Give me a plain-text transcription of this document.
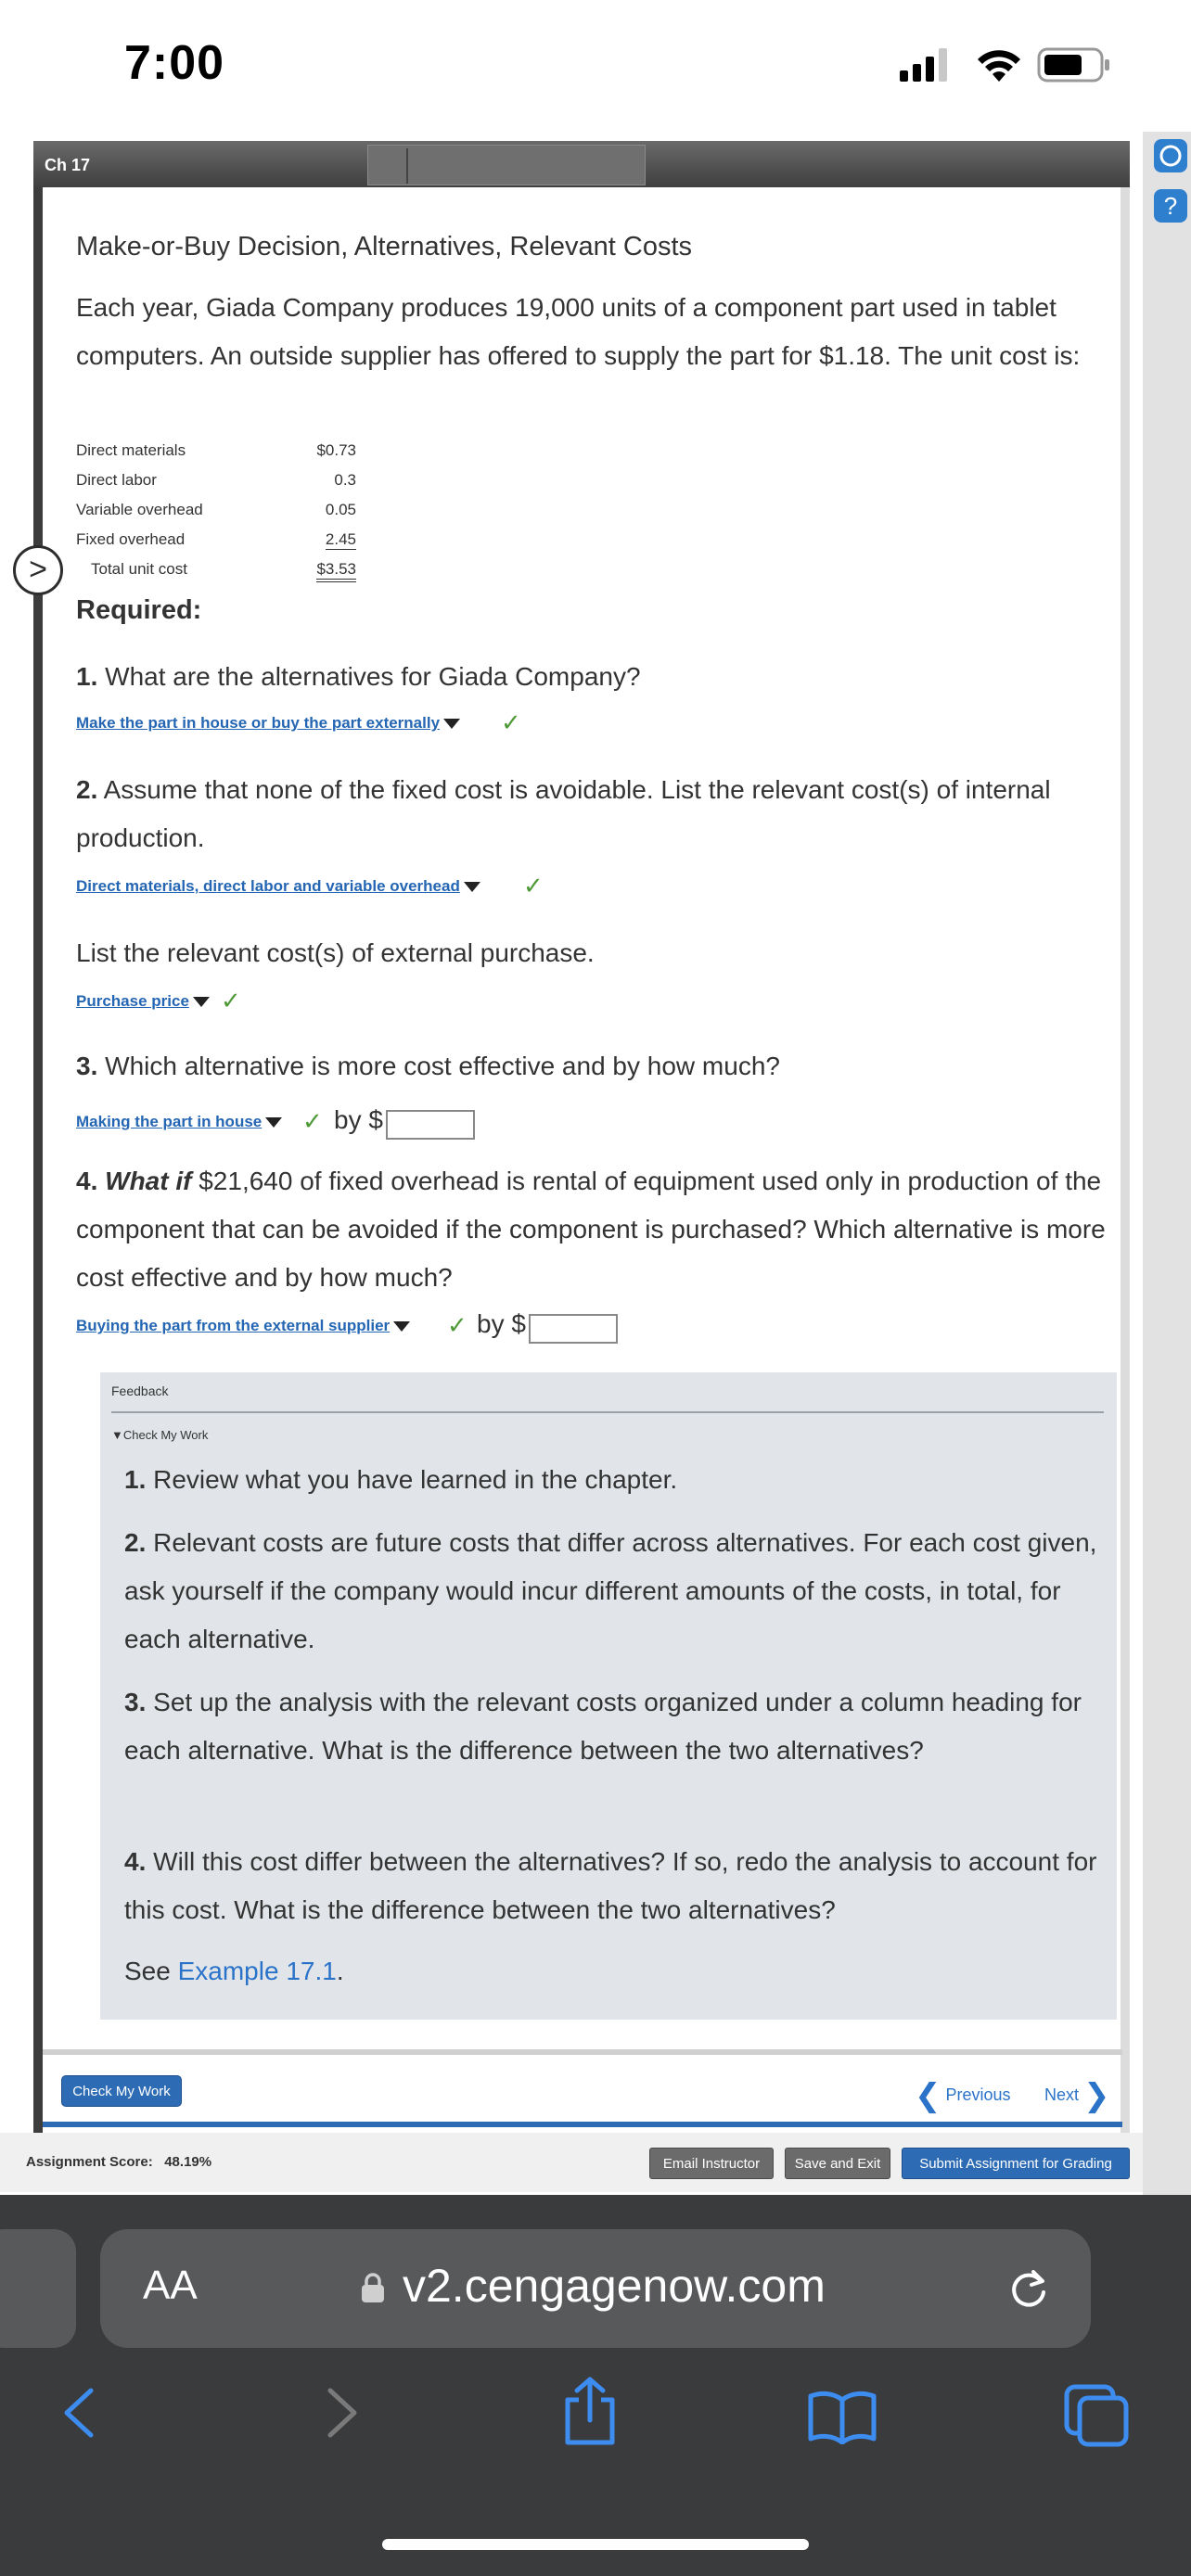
7:00
?
Ch 17
>
Make-or-Buy Decision, Alternatives, Relevant Costs
Each year, Giada Company produces 19,000 units of a component part used in tablet computers. An outside supplier has offered to supply the part for $1.18. The unit cost is:
Direct materials	$0.73
Direct labor	0.3
Variable overhead	0.05
Fixed overhead	2.45
Total unit cost	$3.53
Required:
1. What are the alternatives for Giada Company?
Make the part in house or buy the part externally	✓
2. Assume that none of the fixed cost is avoidable. List the relevant cost(s) of internal production.
Direct materials, direct labor and variable overhead	✓
List the relevant cost(s) of external purchase.
Purchase price	✓
3. Which alternative is more cost effective and by how much?
Making the part in house	✓ by $
4. What if $21,640 of fixed overhead is rental of equipment used only in production of the component that can be avoided if the component is purchased? Which alternative is more cost effective and by how much?
Buying the part from the external supplier	✓ by $
Feedback
▼Check My Work
1. Review what you have learned in the chapter.
2. Relevant costs are future costs that differ across alternatives. For each cost given, ask yourself if the company would incur different amounts of the costs, in total, for each alternative.
3. Set up the analysis with the relevant costs organized under a column heading for each alternative. What is the difference between the two alternatives?
4. Will this cost differ between the alternatives? If so, redo the analysis to account for this cost. What is the difference between the two alternatives?
See Example 17.1.
Check My Work	❮ Previous Next ❯
Assignment Score: 48.19%	Email Instructor	Save and Exit	Submit Assignment for Grading
AA	v2.cengagenow.com
